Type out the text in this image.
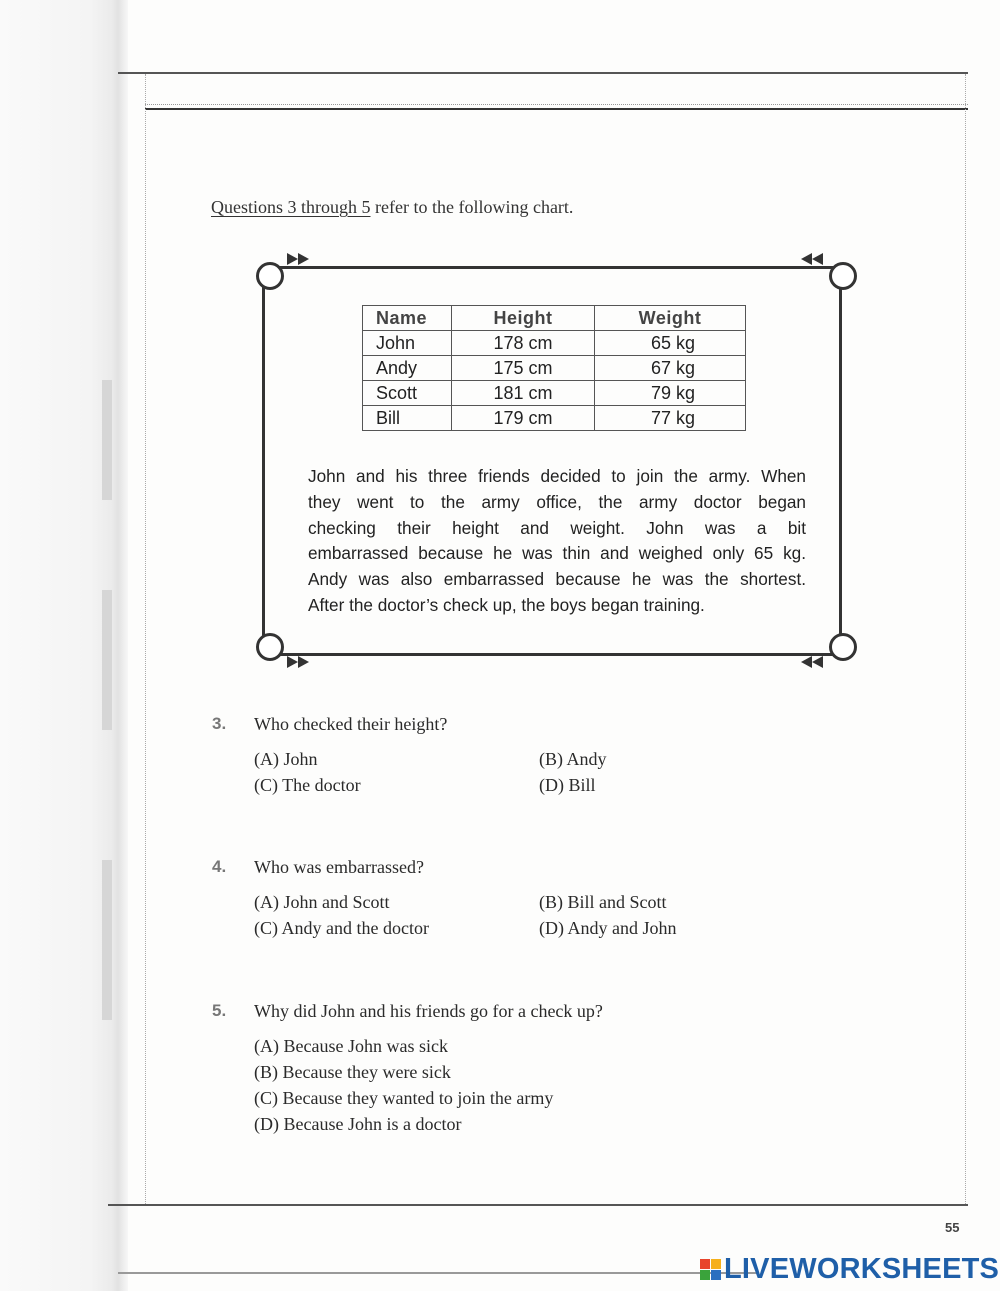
Questions 3 through 5 refer to the following chart.
Name	Height	Weight
John	178 cm	65 kg
Andy	175 cm	67 kg
Scott	181 cm	79 kg
Bill	179 cm	77 kg
John and his three friends decided to join the army. When
they went to the army office, the army doctor began
checking their height and weight. John was a bit
embarrassed because he was thin and weighed only 65 kg.
Andy was also embarrassed because he was the shortest.
After the doctor’s check up, the boys began training.
3. Who checked their height?
(A) John	(B) Andy
(C) The doctor	(D) Bill
4. Who was embarrassed?
(A) John and Scott	(B) Bill and Scott
(C) Andy and the doctor	(D) Andy and John
5. Why did John and his friends go for a check up?
(A) Because John was sick
(B) Because they were sick
(C) Because they wanted to join the army
(D) Because John is a doctor
55
LIVEWORKSHEETS
